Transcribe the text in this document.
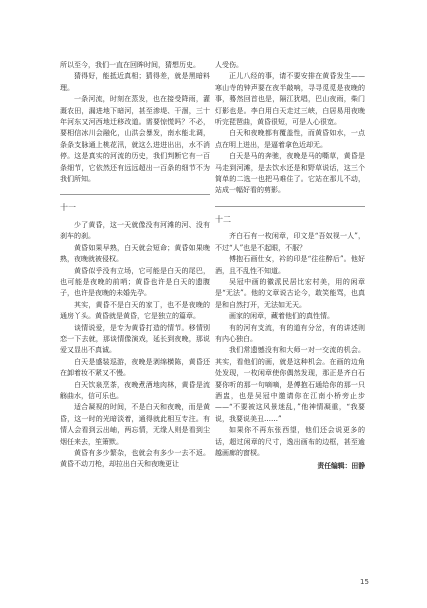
所以至今，我们一直在回眸时间，猜想历史。

猜得好，能抵近真相；猜得差，就是黑暗料理。

一条河流，时刻在蒸发，也在接受降雨，灌溉农田，漏进地下暗河，甚至渗堤、干涸，三十年河东又河西地迁移改道。需要惊慌吗？不必，要相信冰川会融化，山洪会暴发，南水能北调，条条支脉通上桃花汛，就这么进进出出，水不消停。这是真实的河流的历史，我们判断它有一百条细节，它依然还有远远超出一百条的细节不为我们所知。

十一

少了黄昏，这一天就像没有河滩的河、没有刹车的刹。

黄昏如果早熟，白天就会短命；黄昏如果晚熟，夜晚就被侵权。

黄昏似乎没有立场，它可能是白天的尾巴，也可能是夜晚的前哨；黄昏也许是白天的遗腹子，也许是夜晚的未婚先孕。

其实，黄昏不是白天的家丁，也不是夜晚的通房丫头。黄昏就是黄昏，它是独立的篇章。

谈情说爱，是专为黄昏打造的情节。移情别恋一下去就，那谈情像演戏，延长到夜晚，那说爱又显出不真诚。

白天是盛装巡游，夜晚是剥绵横陈，黄昏还在卸着妆不紧又不慢。

白天饮泉烹茶，夜晚煮酒地肉林，黄昏是流觞曲水，信可乐也。

适合凝视的时间，不是白天和夜晚，而是黄昏，这一时的光暗淡着，通得就此相互专注。有情人会看到云出岫，两忘情，无缘人则是看到尘烟任来去，笙箫默。

黄昏有多少繁杂，也就会有多少一去不返。黄昏不动刀枪，却拉出白天和夜晚更让

人受伤。

正儿八经的事，请不要安排在黄昏发生——寒山寺的钟声要在夜半敲响，寻寻觅觅是夜晚的事，蓦然回首也是，隔江犹唱，巴山夜雨，柴门灯影也是。李白用白天走过三峡，白居易用夜晚听完琵琶曲，黄昏很短，可是人心很宽。

白天和夜晚都有覆盖性，而黄昏如水，一点点在明上迸出，是逼着拿色近却无。

白天是马的奔驰，夜晚是马的嘶草，黄昏是马走到河滩，是去饮水还是和野草说话，这三个简单的二选一也把马难住了。它站在那儿不动，站成一幅好看的剪影。

十二

齐白石有一枚闲章，印文是“吾奴视一人”，不过“人”也是不起眼，不服？

傅抱石画仕女，衿的印是“往往醉后”。他好酒，且不乱性不知道。

吴冠中画的徽派民居比宏村美，用的闲章是“无法”。他的文章说古论今，敢笑能骂，也真是和自然打开，无法如无天。

画家的闲章，藏着他们的真性情。

有的河有支流，有的道有分岔，有的讲述则有内心独白。

我们常遗憾没有和大师一对一交流的机会。其实，看他们的画，就是这种机会。在画的边角处发现，一枚闲章使你偶然发现，那正是齐白石要你听的那一句嘀嘀，是傅抱石通给你的那一只酒盅，也是吴冠中邀请你在江南小桥旁止步——“不要被这风景迷乱，”他神情凝重，“我要说，我要说美丑……”

如果你不再东张西望，他们还会说更多的话，超过闲章的尺寸，逸出画布的边框，甚至逾越画廊的窗棂。

责任编辑：田静

15
